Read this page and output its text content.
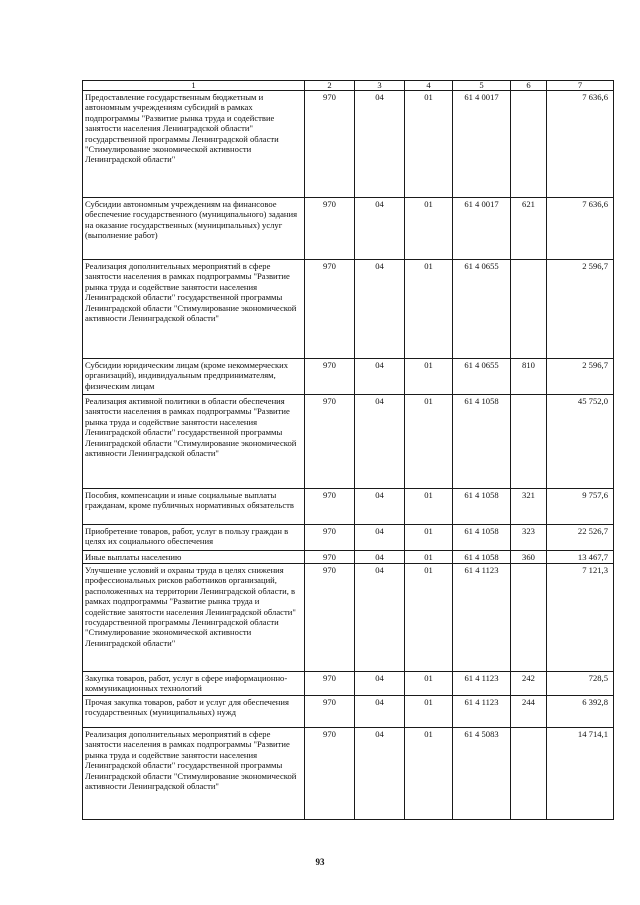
1	2	3	4	5	6	7
Предоставление государственным бюджетным и автономным учреждениям субсидий в рамках подпрограммы "Развитие рынка труда и содействие занятости населения Ленинградской области" государственной программы Ленинградской области "Стимулирование экономической активности Ленинградской области"	970	04	01	61 4 0017		7 636,6
Субсидии автономным учреждениям на финансовое обеспечение государственного (муниципального) задания на оказание государственных (муниципальных) услуг (выполнение работ)	970	04	01	61 4 0017	621	7 636,6
Реализация дополнительных мероприятий в сфере занятости населения в рамках подпрограммы "Развитие рынка труда и содействие занятости населения Ленинградской области" государственной программы Ленинградской области "Стимулирование экономической активности Ленинградской области"	970	04	01	61 4 0655		2 596,7
Субсидии юридическим лицам (кроме некоммерческих организаций), индивидуальным предпринимателям, физическим лицам	970	04	01	61 4 0655	810	2 596,7
Реализация активной политики в области обеспечения занятости населения в рамках подпрограммы "Развитие рынка труда и содействие занятости населения Ленинградской области" государственной программы Ленинградской области "Стимулирование экономической активности Ленинградской области"	970	04	01	61 4 1058		45 752,0
Пособия, компенсации и иные социальные выплаты гражданам, кроме публичных нормативных обязательств	970	04	01	61 4 1058	321	9 757,6
Приобретение товаров, работ, услуг в пользу граждан в целях их социального обеспечения	970	04	01	61 4 1058	323	22 526,7
Иные выплаты населению	970	04	01	61 4 1058	360	13 467,7
Улучшение условий и охраны труда в целях снижения профессиональных рисков работников организаций, расположенных на территории Ленинградской области, в рамках подпрограммы "Развитие рынка труда и содействие занятости населения Ленинградской области" государственной программы Ленинградской области "Стимулирование экономической активности Ленинградской области"	970	04	01	61 4 1123		7 121,3
Закупка товаров, работ, услуг в сфере информационно-коммуникационных технологий	970	04	01	61 4 1123	242	728,5
Прочая закупка товаров, работ и услуг для обеспечения государственных (муниципальных) нужд	970	04	01	61 4 1123	244	6 392,8
Реализация дополнительных мероприятий в сфере занятости населения в рамках подпрограммы "Развитие рынка труда и содействие занятости населения Ленинградской области" государственной программы Ленинградской области "Стимулирование экономической активности Ленинградской области"	970	04	01	61 4 5083		14 714,1
93
